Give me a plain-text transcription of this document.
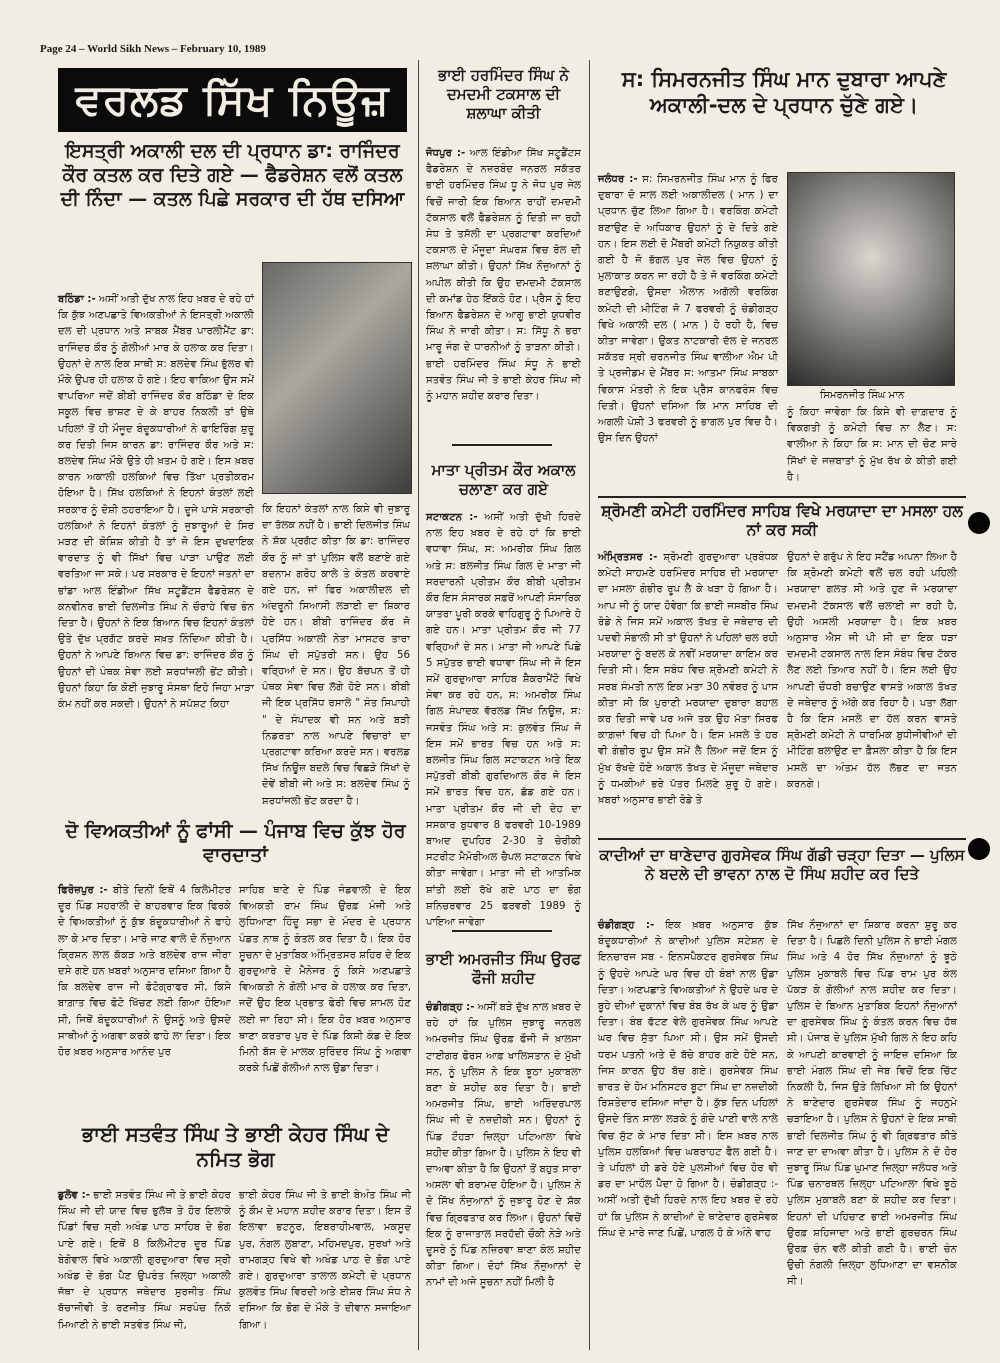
Page 24 – World Sikh News – February 10, 1989
ਵਰਲਡ ਸਿੱਖ ਨਿਊਜ਼
ਇਸਤ੍ਰੀ ਅਕਾਲੀ ਦਲ ਦੀ ਪ੍ਰਧਾਨ ਡਾ: ਰਾਜਿੰਦਰ ਕੌਰ ਕਤਲ ਕਰ ਦਿਤੇ ਗਏ — ਫੈਡਰੇਸ਼ਨ ਵਲੋਂ ਕਤਲ ਦੀ ਨਿੰਦਾ — ਕਤਲ ਪਿਛੇ ਸਰਕਾਰ ਦੀ ਹੱਥ ਦਸਿਆ
ਬਠਿੰਡਾ :- ਅਸੀਂ ਅਤੀ ਦੁੱਖ ਨਾਲ ਇਹ ਖ਼ਬਰ ਦੇ ਰਹੇ ਹਾਂ ਕਿ ਕੁੱਝ ਅਣਪਛਾਤੇ ਵਿਅਕਤੀਆਂ ਨੇ ਇਸਤ੍ਰੀ ਅਕਾਲੀ ਦਲ ਦੀ ਪ੍ਰਧਾਨ ਅਤੇ ਸਾਬਕ ਮੈਂਬਰ ਪਾਰਲੀਮੈਂਟ ਡਾ: ਰਾਜਿੰਦਰ ਕੌਰ ਨੂੰ ਗੋਲੀਆਂ ਮਾਰ ਕੇ ਹਲਾਕ ਕਰ ਦਿਤਾ। ਉਹਨਾਂ ਦੇ ਨਾਲ ਇਕ ਸਾਥੀ ਸ: ਬਲਦੇਵ ਸਿੰਘ ਭੁੱਲਰ ਵੀ ਮੌਕੇ ਉਪਰ ਹੀ ਹਲਾਕ ਹੋ ਗਏ। ਇਹ ਵਾਕਿਆ ਉਸ ਸਮੇਂ ਵਾਪਰਿਆ ਜਦੋਂ ਬੀਬੀ ਰਾਜਿੰਦਰ ਕੌਰ ਬਠਿੰਡਾ ਦੇ ਇਕ ਸਕੂਲ ਵਿਚ ਭਾਸ਼ਣ ਦੇ ਕੇ ਬਾਹਰ ਨਿਕਲੀ ਤਾਂ ਉਥੇ ਪਹਿਲਾਂ ਤੋਂ ਹੀ ਮੌਜੂਦ ਬੰਦੂਕਧਾਰੀਆਂ ਨੇ ਫਾਇਰਿੰਗ ਸ਼ੁਰੂ ਕਰ ਦਿਤੀ ਜਿਸ ਕਾਰਨ ਡਾ: ਰਾਜਿੰਦਰ ਕੌਰ ਅਤੇ ਸ: ਬਲਦੇਵ ਸਿੰਘ ਮੌਕੇ ਉਤੇ ਹੀ ਖ਼ਤਮ ਹੋ ਗਏ। ਇਸ ਖ਼ਬਰ ਕਾਰਨ ਅਕਾਲੀ ਹਲਕਿਆਂ ਵਿਚ ਤਿੱਖਾ ਪ੍ਰਤੀਕਰਮ ਹੋਇਆ ਹੈ। ਸਿੱਖ ਹਲਕਿਆਂ ਨੇ ਇਹਨਾਂ ਕੰਤਲਾਂ ਲਈ ਸਰਕਾਰ ਨੂੰ ਦੋਸ਼ੀ ਠਹਰਾਇਆ ਹੈ। ਦੂਜੇ ਪਾਸੇ ਸਰਕਾਰੀ ਹਲਕਿਆਂ ਨੇ ਇਹਨਾਂ ਕੰਤਲਾਂ ਨੂੰ ਜੁਝਾਰੂਆਂ ਦੇ ਸਿਰ ਮੜਣ ਦੀ ਕੋਸ਼ਿਸ਼ ਕੀਤੀ ਹੈ ਤਾਂ ਜੋ ਇਸ ਦੁਖਦਾਇਕ ਵਾਰਦਾਤ ਨੂੰ ਵੀ ਸਿੱਖਾਂ ਵਿਚ ਪਾੜਾ ਪਾਉਣ ਲਈ ਵਰਤਿਆ ਜਾ ਸਕੇ। ਪਰ ਸਰਕਾਰ ਦੇ ਇਹਨਾਂ ਜਤਨਾਂ ਦਾ ਭਾਂਡਾ ਆਲ ਇੰਡੀਆ ਸਿੱਖ ਸਟੂਡੈਂਟਸ ਫੈਡਰੇਸ਼ਨ ਦੇ ਕਨਵੀਨਰ ਭਾਈ ਦਿਲਜੀਤ ਸਿੰਘ ਨੇ ਚੌਰਾਹੇ ਵਿਚ ਭੰਨ ਦਿਤਾ ਹੈ। ਉਹਨਾਂ ਨੇ ਇਕ ਬਿਆਨ ਵਿਚ ਇਹਨਾਂ ਕੰਤਲਾਂ ਉਤੇ ਦੁੱਖ ਪ੍ਰਗੱਟ ਕਰਦੇ ਸਖ਼ਤ ਨਿੰਦਿਆ ਕੀਤੀ ਹੈ। ਉਹਨਾਂ ਨੇ ਆਪਣੇ ਬਿਆਨ ਵਿਚ ਡਾ: ਰਾਜਿੰਦਰ ਕੌਰ ਨੂੰ ਉਹਨਾਂ ਦੀ ਪੰਥਕ ਸੇਵਾ ਲਈ ਸ਼ਰਧਾਂਜਲੀ ਭੇਂਟ ਕੀਤੀ। ਉਹਨਾਂ ਕਿਹਾ ਕਿ ਕੋਈ ਜੁਝਾਰੂ ਸੰਸਥਾ ਇਹੋ ਜਿਹਾ ਮਾੜਾ ਕੰਮ ਨਹੀਂ ਕਰ ਸਕਦੀ। ਉਹਨਾਂ ਨੇ ਸਪੱਸ਼ਟ ਕਿਹਾ
ਕਿ ਇਹਨਾਂ ਕੰਤਲਾਂ ਨਾਲ ਕਿਸੇ ਵੀ ਜੁਝਾਰੂ ਦਾ ਤੱਲਕ ਨਹੀਂ ਹੈ। ਭਾਈ ਦਿਲਜੀਤ ਸਿੰਘ ਨੇ ਸ਼ੱਕ ਪ੍ਰਗੱਟ ਕੀਤਾ ਕਿ ਡਾ: ਰਾਜਿੰਦਰ ਕੌਰ ਨੂੰ ਜਾਂ ਤਾਂ ਪੁਲਿਸ ਵਲੋਂ ਬਣਾਏ ਗਏ ਬਦਨਾਮ ਗਰੋਹ ਕਾਲੇ ਤੇ ਕੰਤਲ ਕਰਵਾਏ ਗਏ ਹਨ, ਜਾਂ ਫਿਰ ਅਕਾਲੀਦਲ ਦੀ ਅੰਦਰੂਨੀ ਸਿਆਸੀ ਲੜਾਈ ਦਾ ਸ਼ਿਕਾਰ ਹੋਏ ਹਨ। ਬੀਬੀ ਰਾਜਿੰਦਰ ਕੌਰ ਜੋ ਪ੍ਰਸਿੱਧ ਅਕਾਲੀ ਨੇਤਾ ਮਾਸਟਰ ਤਾਰਾ ਸਿੰਘ ਦੀ ਸਪੁੱਤਰੀ ਸਨ। ਉਹ 56 ਵਰ੍ਹਿਆਂ ਦੇ ਸਨ। ਉਹ ਬੱਚਪਨ ਤੋਂ ਹੀ ਪੰਥਕ ਸੇਵਾ ਵਿਚ ਲੱਗੇ ਹੋਏ ਸਨ। ਬੀਬੀ ਜੀ ਇਕ ਪ੍ਰਸਿੱਧ ਰਸਾਲੇ " ਸੰਤ ਸਿਪਾਹੀ " ਦੇ ਸੰਪਾਦਕ ਵੀ ਸਨ ਅਤੇ ਬੜੀ ਨਿਡਰਤਾ ਨਾਲ ਆਪਣੇ ਵਿਚਾਰਾਂ ਦਾ ਪ੍ਰਗਟਾਵਾ ਕਰਿਆ ਕਰਦੇ ਸਨ। ਵਰਲਡ ਸਿੱਖ ਨਿਊਜ਼ ਬਦਲੇ ਵਿਚ ਵਿਛੜੇ ਸਿੱਖਾਂ ਦੇ ਦੋਵੇਂ ਬੀਬੀ ਜੀ ਅਤੇ ਸ: ਬਲਦੇਵ ਸਿੰਘ ਨੂੰ ਸ਼ਰਧਾਂਜਲੀ ਭੇਂਟ ਕਰਦਾ ਹੈ।
ਦੋ ਵਿਅਕਤੀਆਂ ਨੂੰ ਫਾਂਸੀ — ਪੰਜਾਬ ਵਿਚ ਕੁੱਝ ਹੋਰ ਵਾਰਦਾਤਾਂ
ਫਿਰੋਜ਼ਪੁਰ :- ਬੀਤੇ ਦਿਨੀਂ ਇਥੋਂ 4 ਕਿਲੋਮੀਟਰ ਦੂਰ ਪਿੰਡ ਸਹਰਾਲੀ ਦੇ ਬਾਹਰਵਾਰ ਇਕ ਫਿਰਕੇ ਦੇ ਵਿਅਕਤੀਆਂ ਨੂੰ ਕੁੱਝ ਬੰਦੂਕਧਾਰੀਆਂ ਨੇ ਫਾਹੇ ਲਾ ਕੇ ਮਾਰ ਦਿਤਾ। ਮਾਰੇ ਜਾਣ ਵਾਲੇ ਦੋ ਨੌਜੁਆਨ ਕ੍ਰਿਸ਼ਨ ਲਾਲ ਕੱਕੜ ਅਤੇ ਬਲਦੇਵ ਰਾਜ ਜੀਰਾ ਦਸੇ ਗਏ ਹਨ ਖ਼ਬਰਾਂ ਅਨੁਸਾਰ ਦਸਿਆ ਗਿਆ ਹੈ ਕਿ ਬਲਦੇਵ ਰਾਜ ਜੀ ਫੋਟੋਗ੍ਰਾਫਰ ਸੀ, ਕਿਸੇ ਬਾਗ਼ਾਤ ਵਿਚ ਫੋਟੋ ਖਿੱਚਣ ਲਈ ਗਿਆ ਹੋਇਆ ਸੀ, ਜਿਥੋਂ ਬੰਦੂਕਧਾਰੀਆਂ ਨੇ ਉਸਨੂੰ ਅਤੇ ਉਸਦੇ ਸਾਥੀਆਂ ਨੂੰ ਅਗਵਾ ਕਰਕੇ ਫਾਹੇ ਲਾ ਦਿਤਾ। ਇਕ ਹੋਰ ਖ਼ਬਰ ਅਨੁਸਾਰ ਆਨੰਦ ਪੁਰ
ਸਾਹਿਬ ਥਾਣੇ ਦੇ ਪਿੰਡ ਜੰਡਵਾਲੀ ਦੇ ਇਕ ਵਿਅਕਤੀ ਰਾਮ ਸਿੰਘ ਉਰਫ਼ ਮੰਜੀ ਅਤੇ ਲੁਧਿਆਣਾ ਹਿੰਦੂ ਸਭਾ ਦੇ ਮੰਦਰ ਦੇ ਪ੍ਰਧਾਨ ਪੰਡਤ ਨਾਥ ਨੂੰ ਕੰਤਲ ਕਰ ਦਿਤਾ ਹੈ। ਇਕ ਹੋਰ ਸੂਚਨਾ ਦੇ ਮੁਤਾਬਿਕ ਅੰਮ੍ਰਿਤਸਰ ਸ਼ਹਿਰ ਦੇ ਇਕ ਗੁਰਦੁਆਰੇ ਦੇ ਮੈਨੇਜਰ ਨੂੰ ਕਿਸੇ ਅਣਪਛਾਤੇ ਵਿਅਕਤੀ ਨੇ ਗੋਲੀ ਮਾਰ ਕੇ ਹਲਾਕ ਕਰ ਦਿਤਾ, ਜਦੋਂ ਉਹ ਇਕ ਪ੍ਰਭਾਤ ਫੇਰੀ ਵਿਚ ਸ਼ਾਮਲ ਹੋਣ ਲਈ ਜਾ ਰਿਹਾ ਸੀ। ਇਕ ਹੋਰ ਖ਼ਬਰ ਅਨੁਸਾਰ ਥਾਣਾ ਕਰਤਾਰ ਪੁਰ ਦੇ ਪਿੰਡ ਕਿਸ਼ੀ ਕੰਡ ਦੇ ਇਕ ਮਿਨੀ ਬੱਸ ਦੇ ਮਾਲਕ ਸੁਰਿੰਦਰ ਸਿੰਘ ਨੂੰ ਅਗਵਾ ਕਰਕੇ ਪਿਛੋਂ ਗੋਲੀਆਂ ਨਾਲ ਉਡਾ ਦਿਤਾ।
ਭਾਈ ਸਤਵੰਤ ਸਿੰਘ ਤੇ ਭਾਈ ਕੇਹਰ ਸਿੰਘ ਦੇ ਨਮਿਤ ਭੋਗ
ਡੁਲੋਵ :- ਭਾਈ ਸਤਵੰਤ ਸਿੰਘ ਜੀ ਤੇ ਭਾਈ ਕੇਹਰ ਸਿੰਘ ਜੀ ਦੀ ਯਾਦ ਵਿਚ ਭੁਲੱਥ ਤੇ ਹੋਰ ਇਲਾਕੇ ਪਿੰਡਾਂ ਵਿਚ ਸ੍ਰੀ ਅਖੰਡ ਪਾਠ ਸਾਹਿਬ ਦੇ ਭੋਗ ਪਾਏ ਗਏ। ਇਥੋਂ 8 ਕਿਲੋਮੀਟਰ ਦੂਰ ਪਿੰਡ ਬੇਗੋਵਾਲ ਵਿਖੇ ਅਕਾਲੀ ਗੁਰਦੁਆਰਾ ਵਿਚ ਸ੍ਰੀ ਅਖੰਡ ਦੇ ਭੋਗ ਪੈਣ ਉਪਰੰਤ ਜ਼ਿਲ੍ਹਾ ਅਕਾਲੀ ਜੱਥਾ ਦੇ ਪ੍ਰਧਾਨ ਜਥੇਦਾਰ ਸੁਰਜੀਤ ਸਿੰਘ ਬੱਚਾਜੀਵੀ ਤੇ ਰਣਜੀਤ ਸਿੰਘ ਸਰਪੰਚ ਨਿਕੋ ਮਿਆਣੀ ਨੇ ਭਾਈ ਸਤਵੰਤ ਸਿੰਘ ਜੀ,
ਭਾਈ ਕੇਹਰ ਸਿੰਘ ਜੀ ਤੇ ਭਾਈ ਬੇਅੰਤ ਸਿੰਘ ਜੀ ਨੂੰ ਕੌਮ ਦੇ ਮਹਾਨ ਸ਼ਹੀਦ ਕਰਾਰ ਦਿਤਾ। ਇਸ ਤੋਂ ਇਲਾਵਾ ਭਟਨੂਰ, ਇਬਰਾਹੀਮਵਾਲ, ਮਕਸੂਦ ਪੁਰ, ਨੰਗਲ ਲੁਬਾਣਾ, ਮਹਿਮਦਪੁਰ, ਸੁਰਖਾਂ ਅਤੇ ਰਾਮਗੜ੍ਹ ਵਿਖੇ ਵੀ ਅਖੰਡ ਪਾਠ ਦੇ ਭੋਗ ਪਾਏ ਗਏ। ਗੁਰਦੁਆਰਾ ਤਾਲਾਲ ਕਮੇਟੀ ਦੇ ਪ੍ਰਧਾਨ ਕੁਲਵੰਤ ਸਿੰਘ ਵਿਰਦੀ ਅਤੇ ਈਸ਼ਰ ਸਿੰਘ ਸੰਧ ਨੇ ਦਸਿਆ ਕਿ ਭੋਗ ਦੇ ਮੌਕੇ ਤੇ ਦੀਵਾਨ ਸਜਾਇਆ ਗਿਆ।
ਭਾਈ ਹਰਮਿੰਦਰ ਸਿੰਘ ਨੇ ਦਮਦਮੀ ਟਕਸਾਲ ਦੀ ਸ਼ਲਾਘਾ ਕੀਤੀ
ਜੋਧਪੁਰ :- ਆਲ ਇੰਡੀਆ ਸਿੱਖ ਸਟੂਡੈਂਟਸ ਫੈਡਰੇਸ਼ਨ ਦੇ ਨਜ਼ਰਬੰਦ ਜਨਰਲ ਸਕੱਤਰ ਭਾਈ ਹਰਮਿੰਦਰ ਸਿੰਘ ਧੂ ਨੇ ਜੋਧ ਪੁਰ ਜੇਲ ਵਿਚੋਂ ਜਾਰੀ ਇਕ ਬਿਆਨ ਰਾਹੀਂ ਦਮਦਮੀ ਟੱਕਸਾਲ ਵਲੋਂ ਫੈਡਰੇਸ਼ਨ ਨੂੰ ਦਿਤੀ ਜਾ ਰਹੀ ਸੇਧ ਤੇ ਤਸੱਲੀ ਦਾ ਪ੍ਰਗਟਾਵਾ ਕਰਦਿਆਂ ਟਕਸਾਲ ਦੇ ਮੌਜੂਦਾ ਸੰਘਰਸ਼ ਵਿਚ ਰੋਲ ਦੀ ਸ਼ਲਾਘਾ ਕੀਤੀ। ਉਹਨਾਂ ਸਿੱਖ ਨੌਜੁਆਨਾਂ ਨੂੰ ਅਪੀਲ ਕੀਤੀ ਕਿ ਉਹ ਦਮਦਮੀ ਟੱਕਸਾਲ ਦੀ ਕਮਾਂਡ ਹੇਠ ਇੱਕਠੇ ਹੋਣ। ਪ੍ਰੈਸ ਨੂੰ ਇਹ ਬਿਆਨ ਫੈਡਰੇਸ਼ਨ ਦੇ ਆਗੂ ਭਾਈ ਯੁਧਵੀਰ ਸਿੰਘ ਨੇ ਜਾਰੀ ਕੀਤਾ। ਸ: ਸਿੱਧੂ ਨੇ ਭਰਾ ਮਾਰੂ ਜੰਗ ਦੇ ਧਾਰਨੀਆਂ ਨੂੰ ਤਾੜਨਾ ਕੀਤੀ। ਭਾਈ ਹਰਮਿੰਦਰ ਸਿੰਘ ਸੰਧੂ ਨੇ ਭਾਈ ਸਤਵੰਤ ਸਿੰਘ ਜੀ ਤੇ ਭਾਈ ਕੇਹਰ ਸਿੰਘ ਜੀ ਨੂੰ ਮਹਾਨ ਸ਼ਹੀਦ ਕਰਾਰ ਦਿਤਾ।
ਮਾਤਾ ਪ੍ਰੀਤਮ ਕੌਰ ਅਕਾਲ ਚਲਾਣਾ ਕਰ ਗਏ
ਸਟਾਕਟਨ :- ਅਸੀਂ ਅਤੀ ਦੁੱਖੀ ਹਿਰਦੇ ਨਾਲ ਇਹ ਖ਼ਬਰ ਦੇ ਰਹੇ ਹਾਂ ਕਿ ਭਾਈ ਵਧਾਵਾ ਸਿੰਘ, ਸ: ਅਮਰੀਕ ਸਿੰਘ ਗਿਲ ਅਤੇ ਸ: ਬਲਜੀਤ ਸਿੰਘ ਗਿਲ ਦੇ ਮਾਤਾ ਜੀ ਸਰਦਾਰਨੀ ਪ੍ਰੀਤਮ ਕੌਰ ਬੀਬੀ ਪ੍ਰੀਤਮ ਕੌਰ ਇਸ ਸੰਸਾਰਕ ਸਫ਼ਰੋਂ ਆਪਣੀ ਸੰਸਾਰਿਕ ਯਾਤਰਾ ਪੂਰੀ ਕਰਕੇ ਵਾਹਿਗੁਰੂ ਨੂੰ ਪਿਆਰੇ ਹੋ ਗਏ ਹਨ। ਮਾਤਾ ਪ੍ਰੀਤਮ ਕੌਰ ਜੀ 77 ਵਰ੍ਹਿਆਂ ਦੇ ਸਨ। ਮਾਤਾ ਜੀ ਆਪਣੇ ਪਿਛੇ 5 ਸਪੁੱਤਰ ਭਾਈ ਵਧਾਵਾ ਸਿੰਘ ਜੀ ਜੋ ਇਸ ਸਮੇਂ ਗੁਰਦੁਆਰਾ ਸਾਹਿਬ ਸ਼ੈਕਰਾਮੈਂਟੋ ਵਿਖੇ ਸੇਵਾ ਕਰ ਰਹੇ ਹਨ, ਸ: ਅਮਰੀਕ ਸਿੰਘ ਗਿਲ ਸੰਪਾਦਕ ਵੱਰਲਡ ਸਿੱਖ ਨਿਊਜ਼, ਸ: ਜਸਵੰਤ ਸਿੰਘ ਅਤੇ ਸ: ਕੁਲਵੰਤ ਸਿੰਘ ਜੋ ਇਸ ਸਮੇਂ ਭਾਰਤ ਵਿਚ ਹਨ ਅਤੇ ਸ: ਬਲਜੀਤ ਸਿੰਘ ਗਿਲ ਸਟਾਕਟਨ ਅਤੇ ਇਕ ਸਪੁੱਤਰੀ ਬੀਬੀ ਗੁਰਦਿਆਲ ਕੌਰ ਜੋ ਇਸ ਸਮੇਂ ਭਾਰਤ ਵਿਚ ਹਨ, ਛੱਡ ਗਏ ਹਨ। ਮਾਤਾ ਪ੍ਰੀਤਮ ਕੌਰ ਜੀ ਦੀ ਦੇਹ ਦਾ ਸਸਕਾਰ ਬੁਧਵਾਰ 8 ਫਰਵਰੀ 10-1989 ਬਾਅਦ ਦੁਪਹਿਰ 2-30 ਤੇ ਚੇਰੀਕੀ ਸਟਰੀਟ ਮੈਮੋਰੀਅਲ ਚੈਪਲ ਸਟਾਕਟਨ ਵਿਖੇ ਕੀਤਾ ਜਾਵੇਗਾ। ਮਾਤਾ ਜੀ ਦੀ ਆਤਮਿਕ ਸ਼ਾਂਤੀ ਲਈ ਰੱਖੇ ਗਏ ਪਾਠ ਦਾ ਭੋਗ ਸ਼ਨਿਚਰਵਾਰ 25 ਫਰਵਰੀ 1989 ਨੂੰ ਪਾਇਆ ਜਾਵੇਗਾ
ਭਾਈ ਅਮਰਜੀਤ ਸਿੰਘ ਉਰਫ ਫੌਜੀ ਸ਼ਹੀਦ
ਚੰਡੀਗੜ੍ਹ :- ਅਸੀਂ ਬੜੇ ਦੁੱਖ ਨਾਲ ਖ਼ਬਰ ਦੇ ਰਹੇ ਹਾਂ ਕਿ ਪੁਲਿਸ ਜੁਝਾਰੂ ਜਨਰਲ ਅਮਰਜੀਤ ਸਿੰਘ ਉਰਫ਼ ਫੌਜੀ ਜੋ ਖ਼ਾਲਸਾ ਟਾਈਗਰ ਫੋਰਸ ਆਫ਼ ਖਾਲਿਸਤਾਨ ਦੇ ਮੁੱਖੀ ਸਨ, ਨੂੰ ਪੁਲਿਸ ਨੇ ਇਕ ਝੂਠਾ ਮੁਕਾਬਲਾ ਬਣਾ ਕੇ ਸ਼ਹੀਦ ਕਰ ਦਿਤਾ ਹੈ। ਭਾਈ ਅਮਰਜੀਤ ਸਿੰਘ, ਭਾਈ ਅਰਿੰਦਰਪਾਲ ਸਿੰਘ ਜੀ ਦੇ ਨਜ਼ਦੀਕੀ ਸਨ। ਉਹਨਾਂ ਨੂੰ ਪਿੰਡ ਟੌਹੜਾ ਜ਼ਿਲ੍ਹਾ ਪਟਿਆਲਾ ਵਿਖੇ ਸ਼ਹੀਦ ਕੀਤਾ ਗਿਆ ਹੈ। ਪੁਲਿਸ ਨੇ ਇਹ ਵੀ ਦਾਅਵਾ ਕੀਤਾ ਹੈ ਕਿ ਉਹਨਾਂ ਤੋਂ ਬਹੁਤ ਸਾਰਾ ਅਸਲਾ ਵੀ ਬਰਾਮਦ ਹੋਇਆ ਹੈ। ਪੁਲਿਸ ਨੇ ਦੋ ਸਿੱਖ ਨੌਜੁਆਨਾਂ ਨੂੰ ਜੁਝਾਰੂ ਹੋਣ ਦੇ ਸ਼ੱਕ ਵਿਚ ਗ੍ਰਿਫਤਾਰ ਕਰ ਲਿਆ। ਉਹਨਾਂ ਵਿਚੋਂ ਇਕ ਨੂੰ ਰਾਜਾਤਾਲ ਸਰਹੱਦੀ ਚੌਕੀ ਨੇੜੇ ਅਤੇ ਦੂਸਰੇ ਨੂੰ ਪਿੰਡ ਨਜ਼ਿਰਵਾ ਥਾਣਾ ਕੰਲ ਸ਼ਹੀਦ ਕੀਤਾ ਗਿਆ। ਦੋਹਾਂ ਸਿੱਖ ਨੌਜੁਆਨਾਂ ਦੇ ਨਾਮਾਂ ਦੀ ਅਜੇ ਸੂਚਨਾ ਨਹੀਂ ਮਿਲੀ ਹੈ
ਸ: ਸਿਮਰਨਜੀਤ ਸਿੰਘ ਮਾਨ ਦੁਬਾਰਾ ਆਪਣੇ ਅਕਾਲੀ-ਦਲ ਦੇ ਪ੍ਰਧਾਨ ਚੁੱਣੇ ਗਏ।
ਜਲੰਧਰ :- ਸ: ਸਿਮਰਨਜੀਤ ਸਿੰਘ ਮਾਨ ਨੂੰ ਫਿਰ ਦੁਬਾਰਾ ਦੋ ਸਾਲ ਲਈ ਅਕਾਲੀਦਲ ( ਮਾਨ ) ਦਾ ਪ੍ਰਧਾਨ ਚੁੱਣ ਲਿਆ ਗਿਆ ਹੈ। ਵਰਕਿੰਗ ਕਮੇਟੀ ਬਣਾਉਣ ਦੇ ਅਧਿਕਾਰ ਉਹਨਾਂ ਨੂੰ ਦੇ ਦਿਤੇ ਗਏ ਹਨ। ਇਸ ਲਈ ਦੋ ਮੈਂਬਰੀ ਕਮੇਟੀ ਨਿਯੁਕਤ ਕੀਤੀ ਗਈ ਹੈ ਜੋ ਭੱਗਲ ਪੁਰ ਜੇਲ ਵਿਚ ਉਹਨਾਂ ਨੂੰ ਮੁਲਾਕਾਤ ਕਰਨ ਜਾ ਰਹੀ ਹੈ ਤੇ ਜੋ ਵਰਕਿੰਗ ਕਮੇਟੀ ਬਣਾਉਣਗੇ, ਉਸਦਾ ਐਲਾਨ ਅਗੱਲੀ ਵਰਕਿੰਗ ਕਮੇਟੀ ਦੀ ਮੀਟਿੰਗ ਜੋ 7 ਫਰਵਰੀ ਨੂੰ ਚੰਡੀਗੜ੍ਹ ਵਿਖੇ ਅਕਾਲੀ ਦਲ ( ਮਾਨ ) ਹੋ ਰਹੀ ਹੈ, ਵਿਚ ਕੀਤਾ ਜਾਵੇਗਾ। ਉਕਤ ਨਾਟਕਾਰੀ ਦੱਲ ਦੇ ਜਨਰਲ ਸਕੱਤਰ ਸ੍ਰੀ ਚਰਨਜੀਤ ਸਿੰਘ ਵਾਲੀਆ ਐਮ ਪੀ ਤੇ ਪ੍ਰਜੀਡਮ ਦੇ ਮੈਂਬਰ ਸ: ਆਤਮਾ ਸਿੰਘ ਸਾਬਕਾ ਵਿਕਾਸ ਮੰਤਰੀ ਨੇ ਇਕ ਪ੍ਰੈਸ ਕਾਨਫਰੰਸ ਵਿਚ ਦਿਤੀ। ਉਹਨਾਂ ਦਸਿਆ ਕਿ ਮਾਨ ਸਾਹਿਬ ਦੀ ਅਗਲੀ ਪੇਸ਼ੀ 3 ਫਰਵਰੀ ਨੂੰ ਭਾਗਲ ਪੁਰ ਵਿਚ ਹੈ। ਉਸ ਦਿਨ ਉਹਨਾਂ
ਸਿਮਰਨਜੀਤ ਸਿੰਘ ਮਾਨ
ਨੂੰ ਕਿਹਾ ਜਾਵੇਗਾ ਕਿ ਕਿਸੇ ਵੀ ਦਾਗ਼ਦਾਰ ਨੂੰ ਵਿਕਗਤੀ ਨੂੰ ਕਮੇਟੀ ਵਿਚ ਨਾ ਲੈਣ। ਸ: ਵਾਲੀਆ ਨੇ ਕਿਹਾ ਕਿ ਸ: ਮਾਨ ਦੀ ਚੋਣ ਸਾਰੇ ਸਿੱਖਾਂ ਦੇ ਜਜ਼ਬਾਤਾਂ ਨੂੰ ਮੁੱਖ ਰੱਖ ਕੇ ਕੀਤੀ ਗਈ ਹੈ।
ਸ਼੍ਰੋਮਣੀ ਕਮੇਟੀ ਹਰਮਿੰਦਰ ਸਾਹਿਬ ਵਿਖੇ ਮਰਯਾਦਾ ਦਾ ਮਸਲਾ ਹਲ ਨਾਂ ਕਰ ਸਕੀ
ਅੰਮ੍ਰਿਤਸਰ :- ਸ਼੍ਰੋਮਣੀ ਗੁਰਦੁਆਰਾ ਪ੍ਰਬੰਧਕ ਕਮੇਟੀ ਸਾਹਮਣੇ ਹਰਮਿੰਦਰ ਸਾਹਿਬ ਦੀ ਮਰਯਾਦਾ ਦਾ ਮਸਲਾ ਗੰਭੀਰ ਰੂਪ ਲੈ ਕੇ ਖੜਾ ਹੋ ਗਿਆ ਹੈ। ਆਪ ਜੀ ਨੂੰ ਯਾਦ ਹੋਵੇਗਾ ਕਿ ਭਾਈ ਜਸਬੀਰ ਸਿੰਘ ਰੋਡੇ ਨੇ ਜਿਸ ਸਮੇਂ ਅਕਾਲ ਤੱਖਤ ਦੇ ਜਥੇਦਾਰ ਦੀ ਪਦਵੀ ਸੰਭਾਲੀ ਸੀ ਤਾਂ ਉਹਨਾਂ ਨੇ ਪਹਿਲਾਂ ਚਲ ਰਹੀ ਮਰਯਾਦਾ ਨੂੰ ਬਦਲ ਕੇ ਨਵੀਂ ਮਰਯਾਦਾ ਕਾਇਮ ਕਰ ਦਿਤੀ ਸੀ। ਇਸ ਸਬੰਧ ਵਿਚ ਸ਼੍ਰੋਮਣੀ ਕਮੇਟੀ ਨੇ ਸਰਬ ਸੰਮਤੀ ਨਾਲ ਇਕ ਮਤਾ 30 ਨਵੰਬਰ ਨੂੰ ਪਾਸ ਕੀਤਾ ਸੀ ਕਿ ਪੁਰਾਣੀ ਮਰਯਾਦਾ ਦੁਬਾਰਾ ਬਹਾਲ ਕਰ ਦਿਤੀ ਜਾਵੇ ਪਰ ਅਜੇ ਤਕ ਉਹ ਮੱਤਾ ਸਿਰਫ ਕਾਗ਼ਜ਼ਾਂ ਵਿਚ ਹੀ ਪਿਆ ਹੈ। ਇਸ ਮਸਲੇ ਤੇ ਹਰ ਵੀ ਗੰਭੀਰ ਰੂਪ ਉਸ ਸਮੇਂ ਲੈ ਲਿਆ ਜਦੋਂ ਇਸ ਨੂੰ ਮੁੱਖ ਰੱਖਦੇ ਹੋਏ ਅਕਾਲ ਤੱਖਤ ਦੇ ਮੌਜੂਦਾ ਜਥੇਦਾਰ ਨੂੰ ਧਮਕੀਆਂ ਭਰੇ ਪੱਤਰ ਮਿਲਣੇ ਸ਼ੁਰੂ ਹੋ ਗਏ। ਖ਼ਬਰਾਂ ਅਨੁਸਾਰ ਭਾਈ ਰੋਡੇ ਤੇ
ਉਹਨਾਂ ਦੇ ਗਰੁੱਪ ਨੇ ਇਹ ਸਟੈਂਡ ਅਪਨਾ ਲਿਆ ਹੈ ਕਿ ਸ਼੍ਰੋਮਣੀ ਕਮੇਟੀ ਵਲੋਂ ਚਲ ਰਹੀ ਪਹਿਲੀ ਮਰਯਾਦਾ ਗਲਤ ਸੀ ਅਤੇ ਹੁਣ ਜੋ ਮਰਯਾਦਾ ਦਮਦਮੀ ਟੱਕਸਾਲ ਵਲੋਂ ਚਲਾਈ ਜਾ ਰਹੀ ਹੈ, ਉਹੀ ਅਸਲੀ ਮਰਯਾਦਾ ਹੈ। ਇਕ ਖ਼ਬਰ ਅਨੁਸਾਰ ਐਸ ਜੀ ਪੀ ਸੀ ਦਾ ਇਕ ਧੜਾ ਦਮਦਮੀ ਟਕਸਾਲ ਨਾਲ ਇਸ ਸੰਬੰਧ ਵਿਚ ਟੱਕਰ ਲੈਣ ਲਈ ਤਿਆਰ ਨਹੀਂ ਹੈ। ਇਸ ਲਈ ਉਹ ਆਪਣੀ ਚੌਧਰੀ ਬਚਾਉਣ ਵਾਸਤੇ ਅਕਾਲ ਤੱਖਤ ਦੇ ਜਥੇਦਾਰ ਨੂੰ ਅੱਗੇ ਕਰ ਰਿਹਾ ਹੈ। ਪਤਾ ਲੱਗਾ ਹੈ ਕਿ ਇਸ ਮਸਲੇ ਦਾ ਹੱਲ ਕਰਨ ਵਾਸਤੇ ਸ਼੍ਰੋਮਣੀ ਕਮੇਟੀ ਨੇ ਧਾਰਮਿਕ ਬੁਧੀਜੀਵੀਆਂ ਦੀ ਮੀਟਿੰਗ ਬਲਾਉਣ ਦਾ ਫ਼ੈਸਲਾ ਕੀਤਾ ਹੈ ਕਿ ਇਸ ਮਸਲੇ ਦਾ ਅੰਤਮ ਹੱਲ ਲੱਭਣ ਦਾ ਜਤਨ ਕਰਨਗੇ।
ਕਾਦੀਆਂ ਦਾ ਥਾਣੇਦਾਰ ਗੁਰਸੇਵਕ ਸਿੰਘ ਗੱਡੀ ਚੜ੍ਹਾ ਦਿਤਾ — ਪੁਲਿਸ ਨੇ ਬਦਲੇ ਦੀ ਭਾਵਨਾ ਨਾਲ ਦੋ ਸਿੰਘ ਸ਼ਹੀਦ ਕਰ ਦਿਤੇ
ਚੰਡੀਗੜ੍ਹ :- ਇਕ ਖ਼ਬਰ ਅਨੁਸਾਰ ਕੁੱਝ ਬੰਦੂਕਧਾਰੀਆਂ ਨੇ ਕਾਦੀਆਂ ਪੁਲਿਸ ਸਟੇਸ਼ਨ ਦੇ ਇਨਚਾਰਜ ਸਬ - ਇਨਸਪੈਕਟਰ ਗੁਰਸੇਵਕ ਸਿੰਘ ਨੂੰ ਉਹਦੇ ਆਪਣੇ ਘਰ ਵਿਚ ਹੀ ਬੰਬਾਂ ਨਾਲ ਉਡਾ ਦਿਤਾ। ਅਣਪਛਾਤੇ ਵਿਅਕਤੀਆਂ ਨੇ ਉਹਦੇ ਘਰ ਦੇ ਬੂਹੇ ਦੀਆਂ ਦੁਕਾਨਾਂ ਵਿਚ ਬੰਬ ਰੱਖ ਕੇ ਘਰ ਨੂੰ ਉਡਾ ਦਿਤਾ। ਬੰਬ ਫੱਟਣ ਵੇਲੇ ਗੁਰਸੇਵਕ ਸਿੰਘ ਆਪਣੇ ਘਰ ਵਿਚ ਸੁੱਤਾ ਪਿਆ ਸੀ। ਉਸ ਸਮੇਂ ਉਸਦੀ ਧਰਮ ਪਤਨੀ ਅਤੇ ਦੋ ਬੱਚੇ ਬਾਹਰ ਗਏ ਹੋਏ ਸਨ, ਜਿਸ ਕਾਰਨ ਉਹ ਬੱਚ ਗਏ। ਗੁਰਸੇਵਕ ਸਿੰਘ ਭਾਰਤ ਦੇ ਹੋਮ ਮਨਿਸਟਰ ਬੂਟਾ ਸਿੰਘ ਦਾ ਨਜ਼ਦੀਕੀ ਰਿਸ਼ਤੇਦਾਰ ਦਸਿਆ ਜਾਂਦਾ ਹੈ। ਕੁੱਝ ਦਿਨ ਪਹਿਲਾਂ ਉਸਦੇ ਤਿੰਨ ਸਾਲਾ ਲੜਕੇ ਨੂੰ ਗੰਦੇ ਪਾਣੀ ਵਾਲੇ ਨਾਲੇ ਵਿਚ ਸੁੱਟ ਕੇ ਮਾਰ ਦਿਤਾ ਸੀ। ਇਸ ਖ਼ਬਰ ਨਾਲ ਪੁਲਿਸ ਹਲਕਿਆਂ ਵਿਚ ਘਬਰਾਹਟ ਫੈਲ ਗਈ ਹੈ। ਤੇ ਪਹਿਲਾਂ ਹੀ ਡਰੇ ਹੋਏ ਪੁਲਸੀਆਂ ਵਿਚ ਹੋਰ ਵੀ ਡਰ ਦਾ ਮਾਹੌਲ ਪੈਦਾ ਹੋ ਗਿਆ ਹੈ। ਚੰਡੀਗੜ੍ਹ :- ਅਸੀਂ ਅਤੀ ਦੁੱਖੀ ਹਿਰਦੇ ਨਾਲ ਇਹ ਖ਼ਬਰ ਦੇ ਰਹੇ ਹਾਂ ਕਿ ਪੁਲਿਸ ਨੇ ਕਾਦੀਆਂ ਦੇ ਥਾਣੇਦਾਰ ਗੁਰਸੇਵਕ ਸਿੰਘ ਦੇ ਮਾਰੇ ਜਾਣ ਪਿਛੋਂ, ਪਾਗਲ ਹੋ ਕੇ ਅੰਨੇ ਵਾਹ
ਸਿੱਖ ਨੌਜੁਆਨਾਂ ਦਾ ਸ਼ਿਕਾਰ ਕਰਨਾ ਸ਼ੁਰੂ ਕਰ ਦਿਤਾ ਹੈ। ਪਿਛਲੇ ਦਿਨੀ ਪੁਲਿਸ ਨੇ ਭਾਈ ਮੰਗਲ ਸਿੰਘ ਅਤੇ 4 ਹੋਰ ਸਿੱਖ ਨੌਜੁਆਨਾਂ ਨੂੰ ਝੂਠੇ ਪੁਲਿਸ ਮੁਕਾਬਲੇ ਵਿਚ ਪਿੰਡ ਰਾਮ ਪੁਰ ਕੰਲ ਪੱਕੜ ਕੇ ਗੋਲੀਆਂ ਨਾਲ ਸ਼ਹੀਦ ਕਰ ਦਿਤਾ। ਪੁਲਿਸ ਦੇ ਬਿਆਨ ਮੁਤਾਬਿਕ ਇਹਨਾਂ ਨੌਜੁਆਨਾਂ ਦਾ ਗੁਰਸੇਵਕ ਸਿੰਘ ਨੂੰ ਕੰਤਲ ਕਰਨ ਵਿਚ ਹੱਥ ਸੀ। ਪੰਜਾਬ ਦੇ ਪੁਲਿਸ ਮੁੱਖੀ ਗਿਲ ਨੇ ਇਹ ਕਹਿ ਕੇ ਆਪਣੀ ਕਾਰਵਾਈ ਨੂੰ ਜਾਇਜ਼ ਦਸਿਆ ਕਿ ਭਾਈ ਮੰਗਲ ਸਿੰਘ ਦੀ ਜੇਬ ਵਿਚੋਂ ਇਕ ਚਿੱਟ ਨਿਕਲੀ ਹੈ, ਜਿਸ ਉਤੇ ਲਿਖਿਆ ਸੀ ਕਿ ਉਹਨਾਂ ਨੇ ਥਾਣੇਦਾਰ ਗੁਰਸੇਵਕ ਸਿੰਘ ਨੂੰ ਜਹਨੁਮੇ ਚੜਾਇਆ ਹੈ। ਪੁਲਿਸ ਨੇ ਉਹਨਾਂ ਦੇ ਇਕ ਸਾਥੀ ਭਾਈ ਦਿਲਜੀਤ ਸਿੰਘ ਨੂੰ ਵੀ ਗ੍ਰਿਫਤਾਰ ਕੀਤੇ ਜਾਣ ਦਾ ਦਾਅਵਾ ਕੀਤਾ ਹੈ। ਪੁਲਿਸ ਨੇ ਦੋ ਹੋਰ ਜੁਝਾਰੂ ਸਿੰਘ ਪਿੰਡ ਘੁਮਾਣ ਜ਼ਿਲ੍ਹਾ ਜਲੰਧਰ ਅਤੇ ਪਿੰਡ ਚਨਾਰਥਲ ਜ਼ਿਲ੍ਹਾ ਪਟਿਆਲਾ ਵਿਖੇ ਝੂਠੇ ਪੁਲਿਸ ਮੁਕਾਬਲੇ ਬਣਾ ਕੇ ਸ਼ਹੀਦ ਕਰ ਦਿਤਾ। ਇਹਨਾਂ ਦੀ ਪਹਿਚਾਣ ਭਾਈ ਅਮਰਜੀਤ ਸਿੰਘ ਉਰਫ਼ ਸ਼ਹਿਜਾਦਾ ਅਤੇ ਭਾਈ ਗੁਰਚਰਨ ਸਿੰਘ ਉਰਫ਼ ਚੰਨ ਵਲੋਂ ਕੀਤੀ ਗਈ ਹੈ। ਭਾਈ ਚੰਨ ਉਚੀ ਨੰਗਲੀ ਜ਼ਿਲ੍ਹਾ ਲੁਧਿਆਣਾ ਦਾ ਵਸਨੀਕ ਸੀ।
